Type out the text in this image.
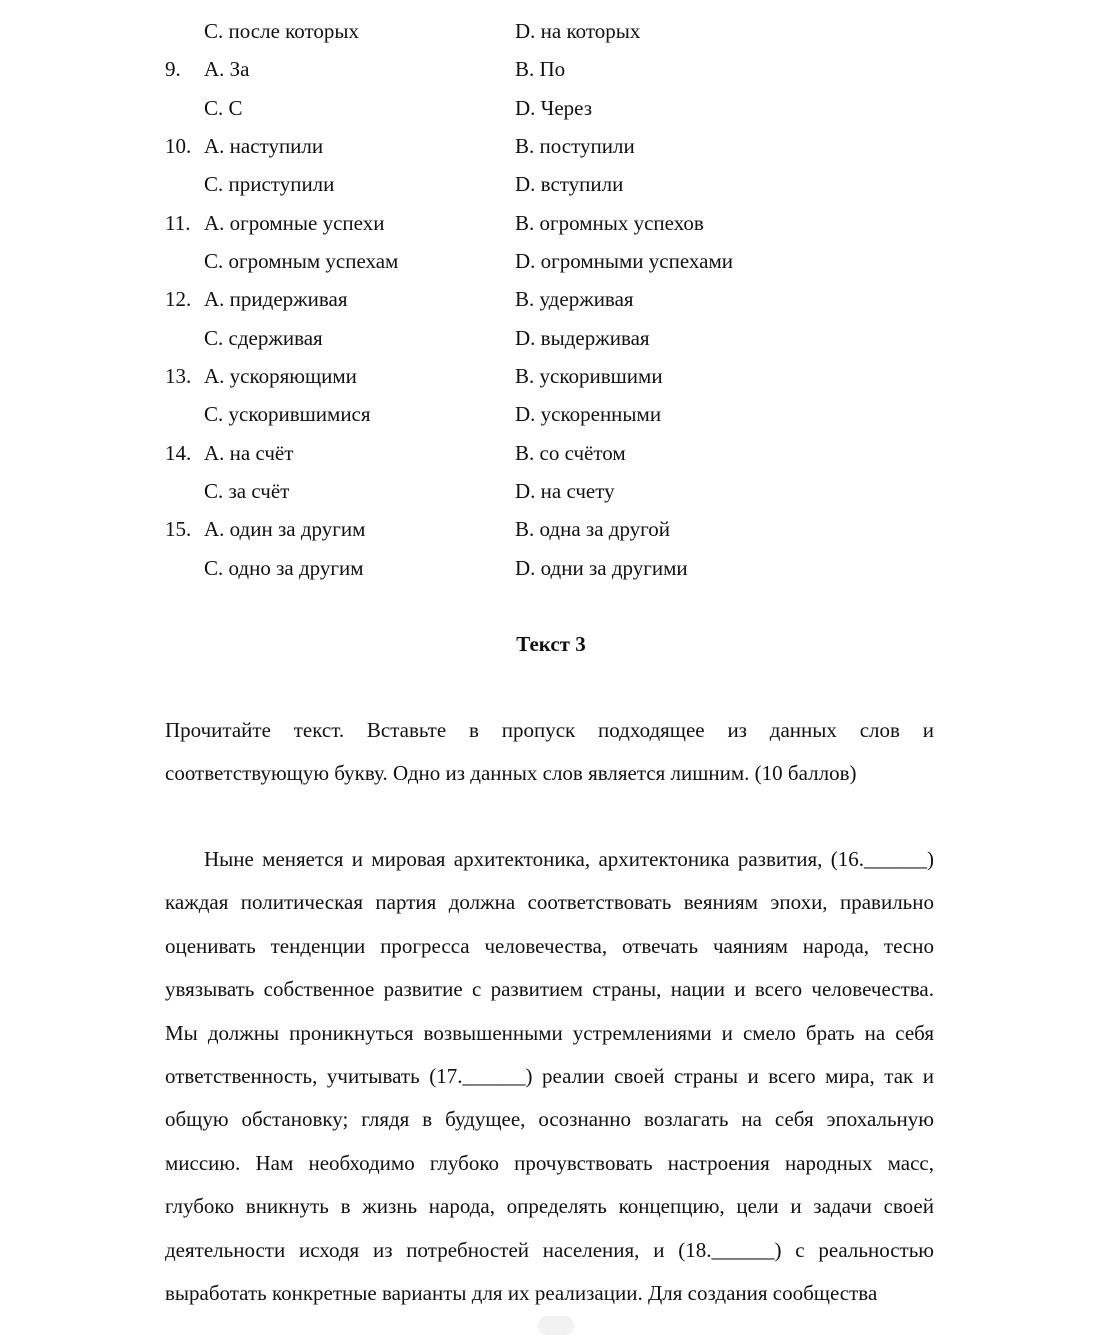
C. после которых	D. на которых
9. A. За	B. По
C. С	D. Через
10. A. наступили	B. поступили
C. приступили	D. вступили
11. A. огромные успехи	B. огромных успехов
C. огромным успехам	D. огромными успехами
12. A. придерживая	B. удерживая
C. сдерживая	D. выдерживая
13. A. ускоряющими	B. ускорившими
C. ускорившимися	D. ускоренными
14. A. на счёт	B. со счётом
C. за счёт	D. на счету
15. A. один за другим	B. одна за другой
C. одно за другим	D. одни за другими
Текст 3
Прочитайте текст. Вставьте в пропуск подходящее из данных слов и соответствующую букву. Одно из данных слов является лишним. (10 баллов)
Ныне меняется и мировая архитектоника, архитектоника развития, (16.______) каждая политическая партия должна соответствовать веяниям эпохи, правильно оценивать тенденции прогресса человечества, отвечать чаяниям народа, тесно увязывать собственное развитие с развитием страны, нации и всего человечества. Мы должны проникнуться возвышенными устремлениями и смело брать на себя ответственность, учитывать (17.______) реалии своей страны и всего мира, так и общую обстановку; глядя в будущее, осознанно возлагать на себя эпохальную миссию. Нам необходимо глубоко прочувствовать настроения народных масс, глубоко вникнуть в жизнь народа, определять концепцию, цели и задачи своей деятельности исходя из потребностей населения, и (18.______) с реальностью выработать конкретные варианты для их реализации. Для создания сообщества
